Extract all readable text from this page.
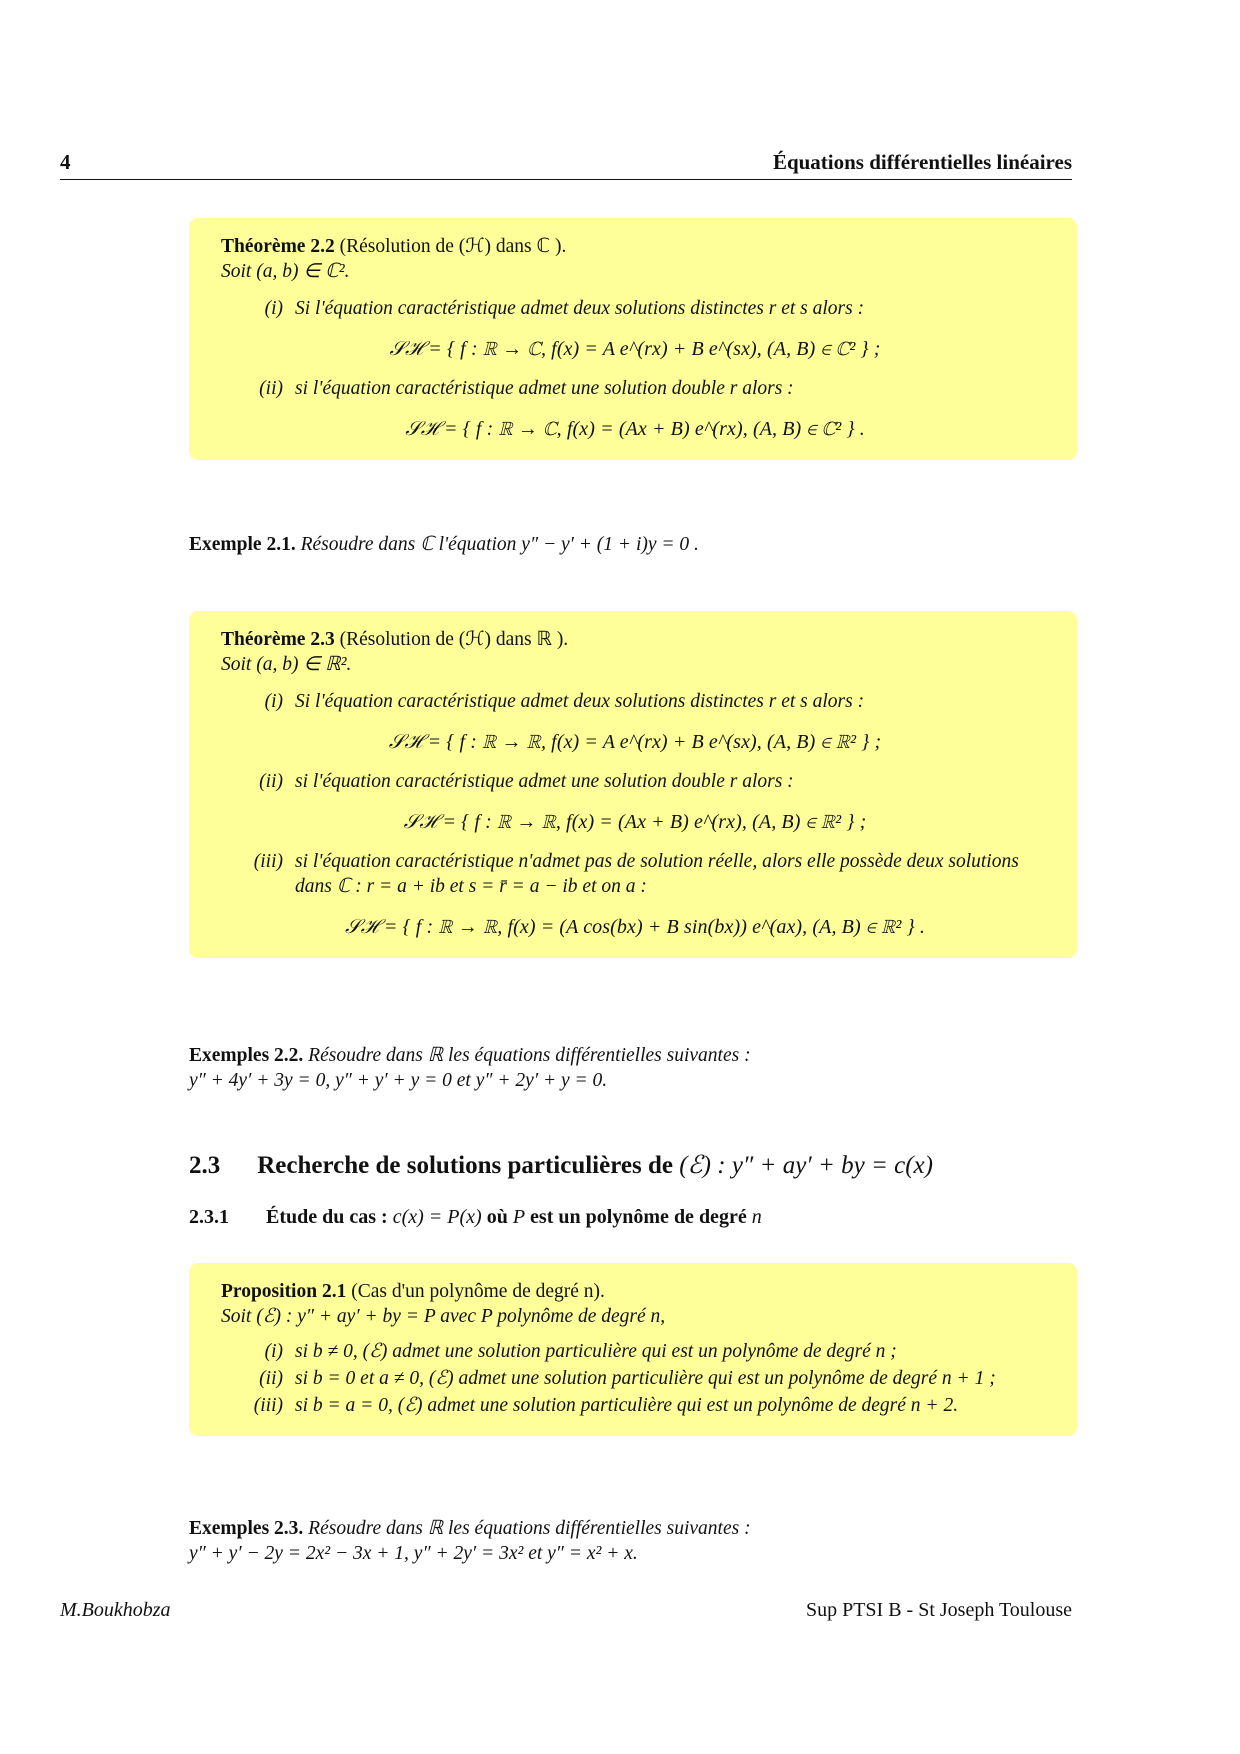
4	Équations différentielles linéaires
Théorème 2.2 (Résolution de (ℋ) dans ℂ ).
Soit (a, b) ∈ ℂ².
(i) Si l'équation caractéristique admet deux solutions distinctes r et s alors :
𝒮ℋ = { f : ℝ → ℂ, f(x) = A e^(rx) + B e^(sx), (A, B) ∈ ℂ² } ;
(ii) si l'équation caractéristique admet une solution double r alors :
𝒮ℋ = { f : ℝ → ℂ, f(x) = (Ax + B) e^(rx), (A, B) ∈ ℂ² } .
Exemple 2.1. Résoudre dans ℂ l'équation y″ − y′ + (1 + i)y = 0 .
Théorème 2.3 (Résolution de (ℋ) dans ℝ ).
Soit (a, b) ∈ ℝ².
(i) Si l'équation caractéristique admet deux solutions distinctes r et s alors :
𝒮ℋ = { f : ℝ → ℝ, f(x) = A e^(rx) + B e^(sx), (A, B) ∈ ℝ² } ;
(ii) si l'équation caractéristique admet une solution double r alors :
𝒮ℋ = { f : ℝ → ℝ, f(x) = (Ax + B) e^(rx), (A, B) ∈ ℝ² } ;
(iii) si l'équation caractéristique n'admet pas de solution réelle, alors elle possède deux solutions dans ℂ : r = a + ib et s = r̄ = a − ib et on a :
𝒮ℋ = { f : ℝ → ℝ, f(x) = (A cos(bx) + B sin(bx)) e^(ax), (A, B) ∈ ℝ² } .
Exemples 2.2. Résoudre dans ℝ les équations différentielles suivantes :
y″ + 4y′ + 3y = 0, y″ + y′ + y = 0 et y″ + 2y′ + y = 0.
2.3 Recherche de solutions particulières de (ℰ) : y″ + ay′ + by = c(x)
2.3.1 Étude du cas : c(x) = P(x) où P est un polynôme de degré n
Proposition 2.1 (Cas d'un polynôme de degré n).
Soit (ℰ) : y″ + ay′ + by = P avec P polynôme de degré n,
(i) si b ≠ 0, (ℰ) admet une solution particulière qui est un polynôme de degré n ;
(ii) si b = 0 et a ≠ 0, (ℰ) admet une solution particulière qui est un polynôme de degré n + 1 ;
(iii) si b = a = 0, (ℰ) admet une solution particulière qui est un polynôme de degré n + 2.
Exemples 2.3. Résoudre dans ℝ les équations différentielles suivantes :
y″ + y′ − 2y = 2x² − 3x + 1, y″ + 2y′ = 3x² et y″ = x² + x.
M.Boukhobza	Sup PTSI B - St Joseph Toulouse
